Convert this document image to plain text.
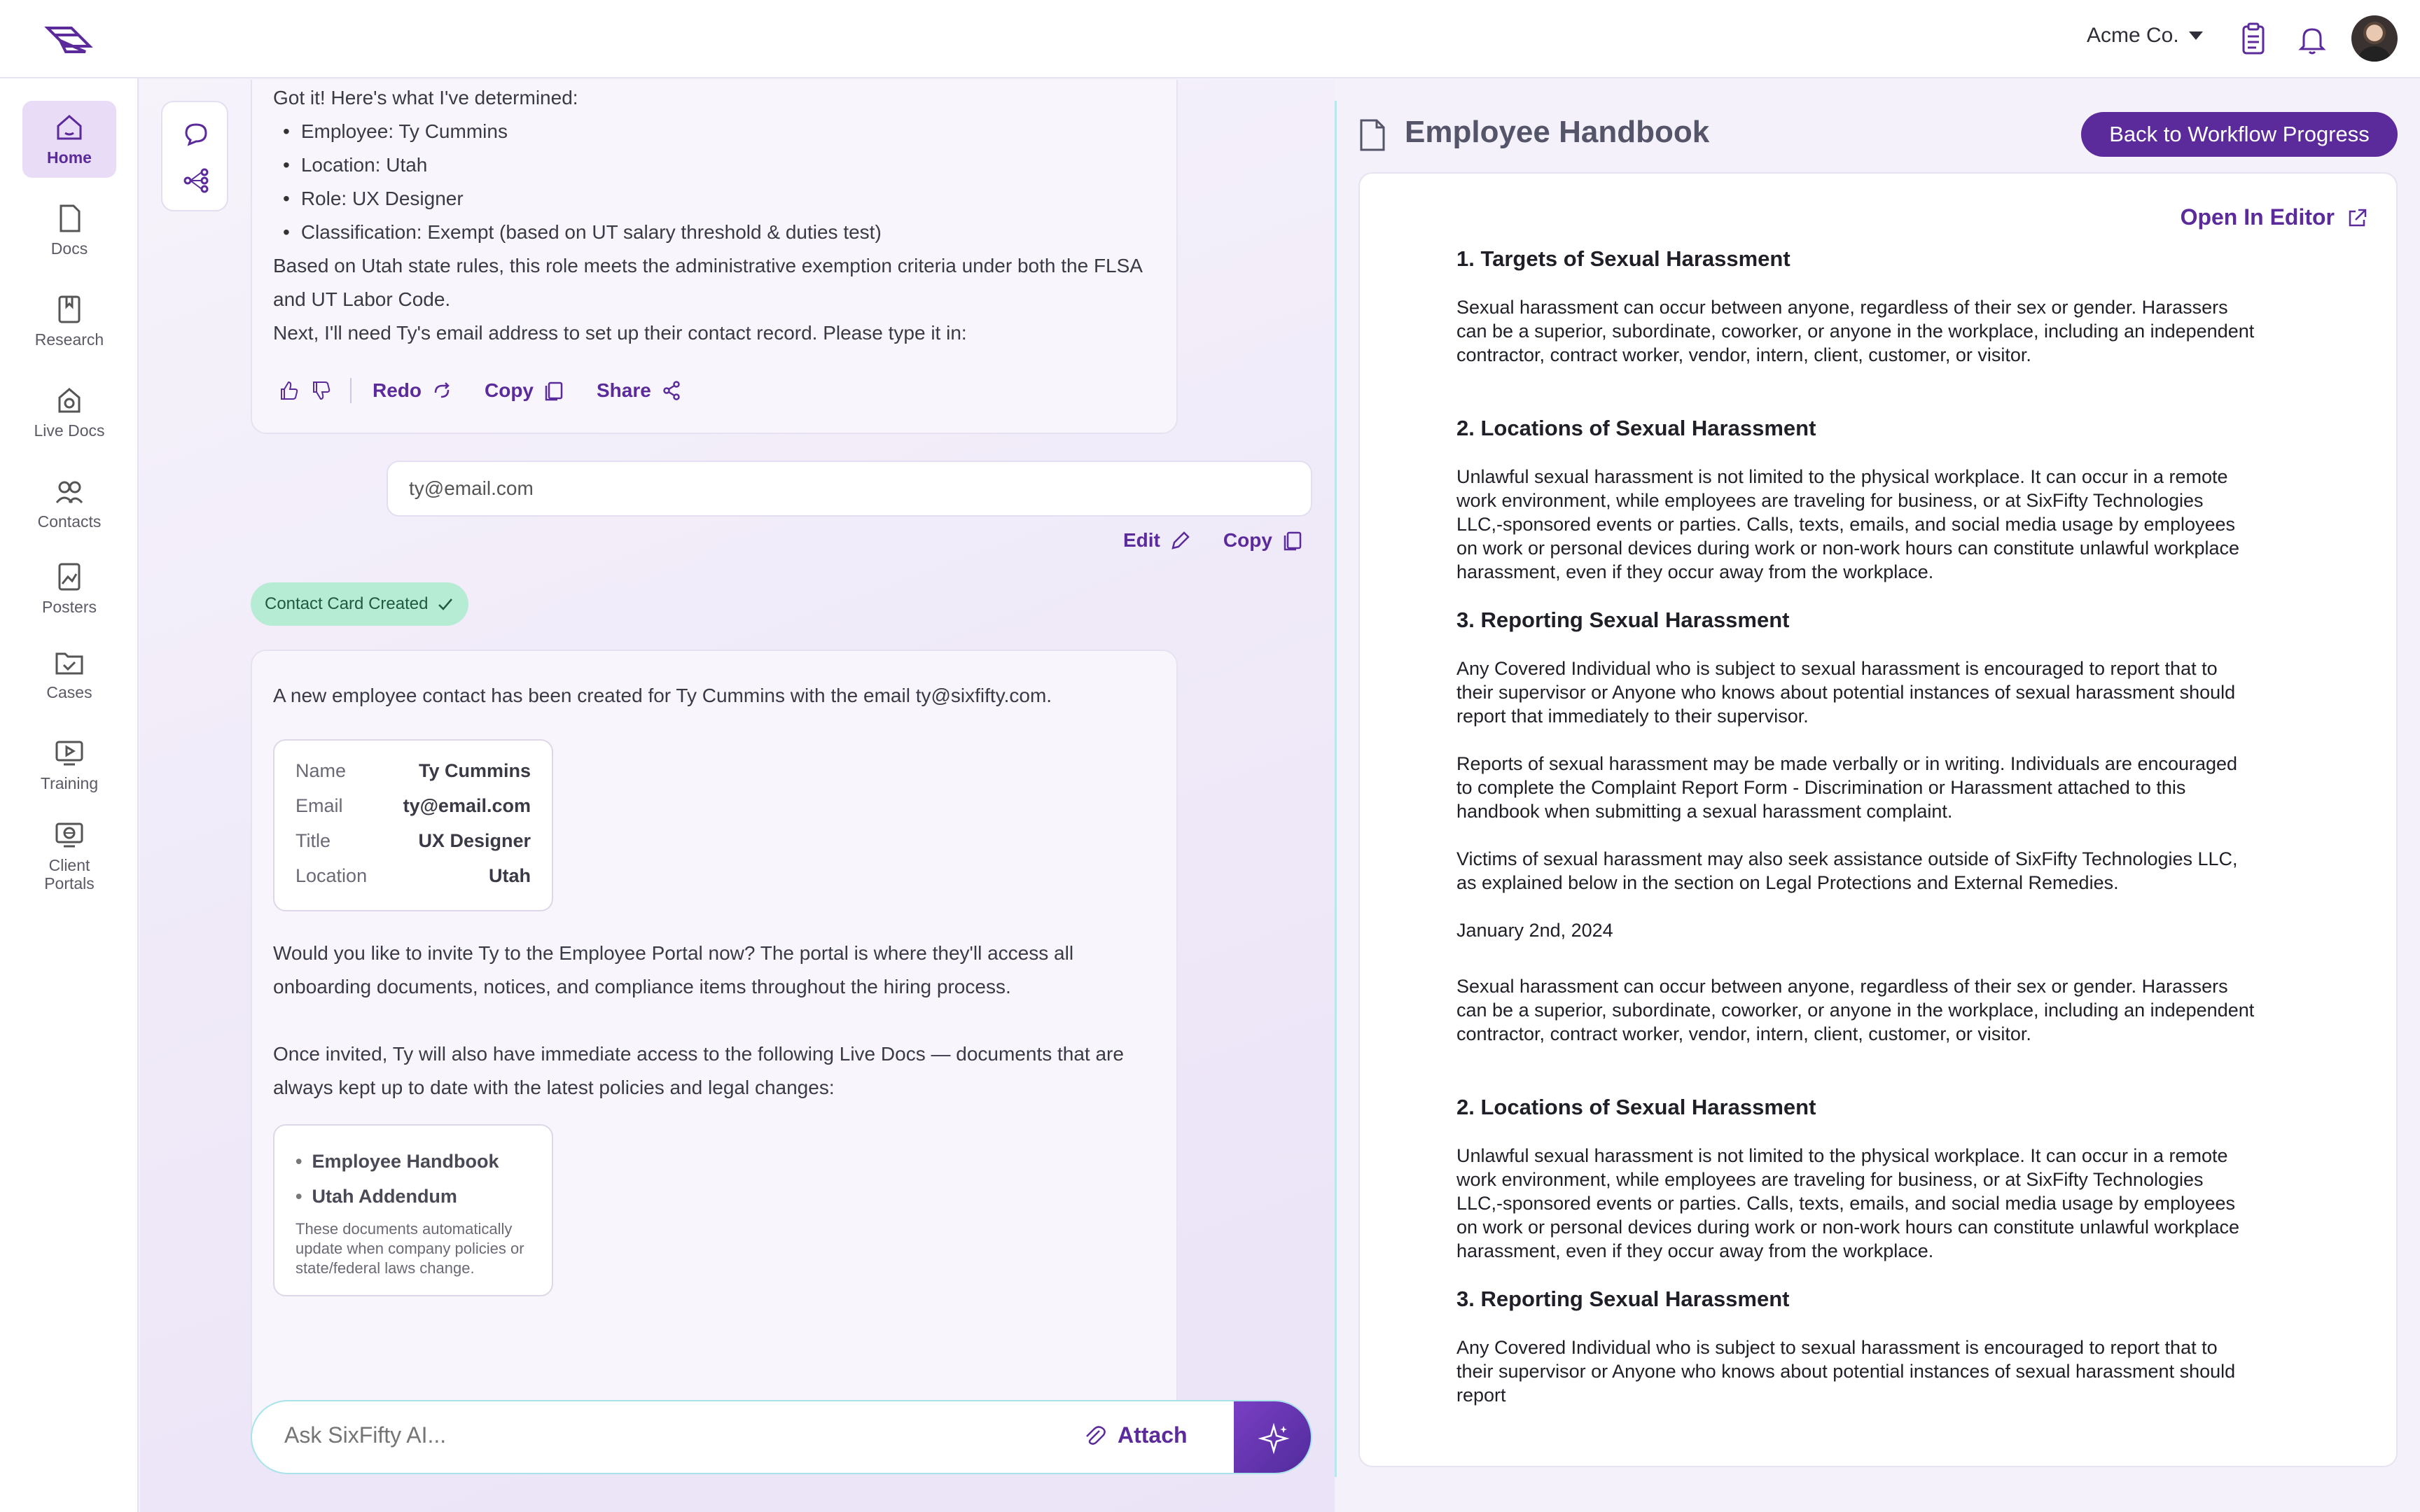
Acme Co.
Home
Docs
Research
Live Docs
Contacts
Posters
Cases
Training
Client Portals
Got it! Here's what I've determined:
• Employee: Ty Cummins
• Location: Utah
• Role: UX Designer
• Classification: Exempt (based on UT salary threshold & duties test)
Based on Utah state rules, this role meets the administrative exemption criteria under both the FLSA
and UT Labor Code.
Next, I'll need Ty's email address to set up their contact record. Please type it in:
Redo	Copy	Share
ty@email.com
Edit	Copy
Contact Card Created
A new employee contact has been created for Ty Cummins with the email ty@sixfifty.com.
Would you like to invite Ty to the Employee Portal now? The portal is where they'll access all
onboarding documents, notices, and compliance items throughout the hiring process.
Once invited, Ty will also have immediate access to the following Live Docs — documents that are
always kept up to date with the latest policies and legal changes:
Name	Ty Cummins
Email	ty@email.com
Title	UX Designer
Location	Utah
• Employee Handbook
• Utah Addendum

These documents automatically update when company policies or state/federal laws change.

Ask SixFifty AI...
Attach
Employee Handbook	Back to Workflow Progress
Open In Editor
1. Targets of Sexual Harassment

Sexual harassment can occur between anyone, regardless of their sex or gender. Harassers can be a superior, subordinate, coworker, or anyone in the workplace, including an independent contractor, contract worker, vendor, intern, client, customer, or visitor.

2. Locations of Sexual Harassment

Unlawful sexual harassment is not limited to the physical workplace. It can occur in a remote work environment, while employees are traveling for business, or at SixFifty Technologies LLC,-sponsored events or parties. Calls, texts, emails, and social media usage by employees on work or personal devices during work or non-work hours can constitute unlawful workplace harassment, even if they occur away from the workplace.

3. Reporting Sexual Harassment

Any Covered Individual who is subject to sexual harassment is encouraged to report that to their supervisor or Anyone who knows about potential instances of sexual harassment should report that immediately to their supervisor.

Reports of sexual harassment may be made verbally or in writing. Individuals are encouraged to complete the Complaint Report Form - Discrimination or Harassment attached to this handbook when submitting a sexual harassment complaint.

Victims of sexual harassment may also seek assistance outside of SixFifty Technologies LLC, as explained below in the section on Legal Protections and External Remedies.

January 2nd, 2024

Sexual harassment can occur between anyone, regardless of their sex or gender. Harassers can be a superior, subordinate, coworker, or anyone in the workplace, including an independent contractor, contract worker, vendor, intern, client, customer, or visitor.

2. Locations of Sexual Harassment

Unlawful sexual harassment is not limited to the physical workplace. It can occur in a remote work environment, while employees are traveling for business, or at SixFifty Technologies LLC,-sponsored events or parties. Calls, texts, emails, and social media usage by employees on work or personal devices during work or non-work hours can constitute unlawful workplace harassment, even if they occur away from the workplace.

3. Reporting Sexual Harassment

Any Covered Individual who is subject to sexual harassment is encouraged to report that to their supervisor or Anyone who knows about potential instances of sexual harassment should report
